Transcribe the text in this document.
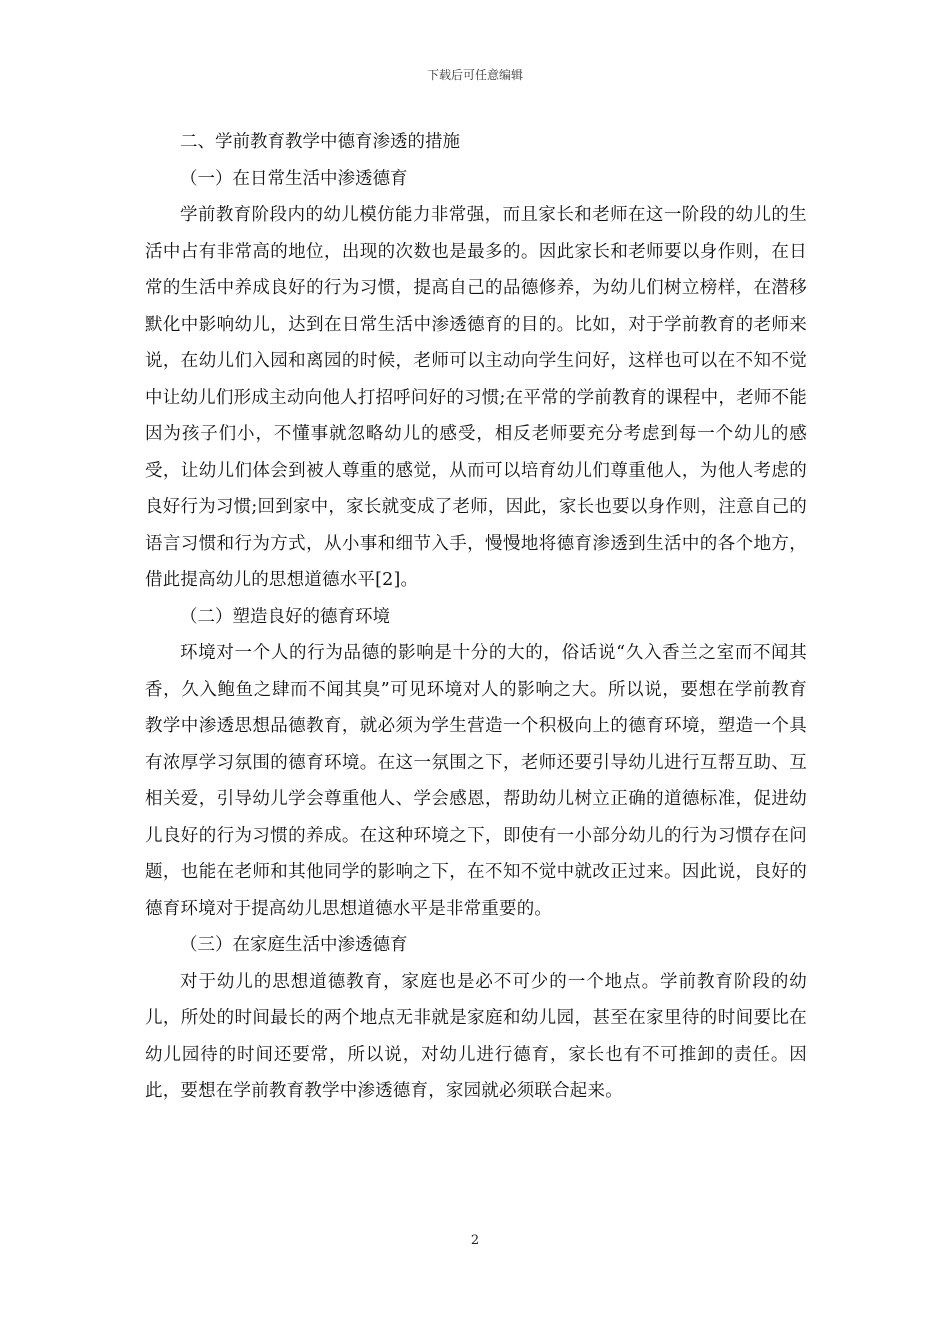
下载后可任意编辑

二、学前教育教学中德育渗透的措施

（一）在日常生活中渗透德育

学前教育阶段内的幼儿模仿能力非常强，而且家长和老师在这一阶段的幼儿的生活中占有非常高的地位，出现的次数也是最多的。因此家长和老师要以身作则，在日常的生活中养成良好的行为习惯，提高自己的品德修养，为幼儿们树立榜样，在潜移默化中影响幼儿，达到在日常生活中渗透德育的目的。比如，对于学前教育的老师来说，在幼儿们入园和离园的时候，老师可以主动向学生问好，这样也可以在不知不觉中让幼儿们形成主动向他人打招呼问好的习惯;在平常的学前教育的课程中，老师不能因为孩子们小，不懂事就忽略幼儿的感受，相反老师要充分考虑到每一个幼儿的感受，让幼儿们体会到被人尊重的感觉，从而可以培育幼儿们尊重他人，为他人考虑的良好行为习惯;回到家中，家长就变成了老师，因此，家长也要以身作则，注意自己的语言习惯和行为方式，从小事和细节入手，慢慢地将德育渗透到生活中的各个地方，借此提高幼儿的思想道德水平[2]。

（二）塑造良好的德育环境

环境对一个人的行为品德的影响是十分的大的，俗话说“久入香兰之室而不闻其香，久入鲍鱼之肆而不闻其臭”可见环境对人的影响之大。所以说，要想在学前教育教学中渗透思想品德教育，就必须为学生营造一个积极向上的德育环境，塑造一个具有浓厚学习氛围的德育环境。在这一氛围之下，老师还要引导幼儿进行互帮互助、互相关爱，引导幼儿学会尊重他人、学会感恩，帮助幼儿树立正确的道德标准，促进幼儿良好的行为习惯的养成。在这种环境之下，即使有一小部分幼儿的行为习惯存在问题，也能在老师和其他同学的影响之下，在不知不觉中就改正过来。因此说，良好的德育环境对于提高幼儿思想道德水平是非常重要的。

（三）在家庭生活中渗透德育

对于幼儿的思想道德教育，家庭也是必不可少的一个地点。学前教育阶段的幼儿，所处的时间最长的两个地点无非就是家庭和幼儿园，甚至在家里待的时间要比在幼儿园待的时间还要常，所以说，对幼儿进行德育，家长也有不可推卸的责任。因此，要想在学前教育教学中渗透德育，家园就必须联合起来。

2
